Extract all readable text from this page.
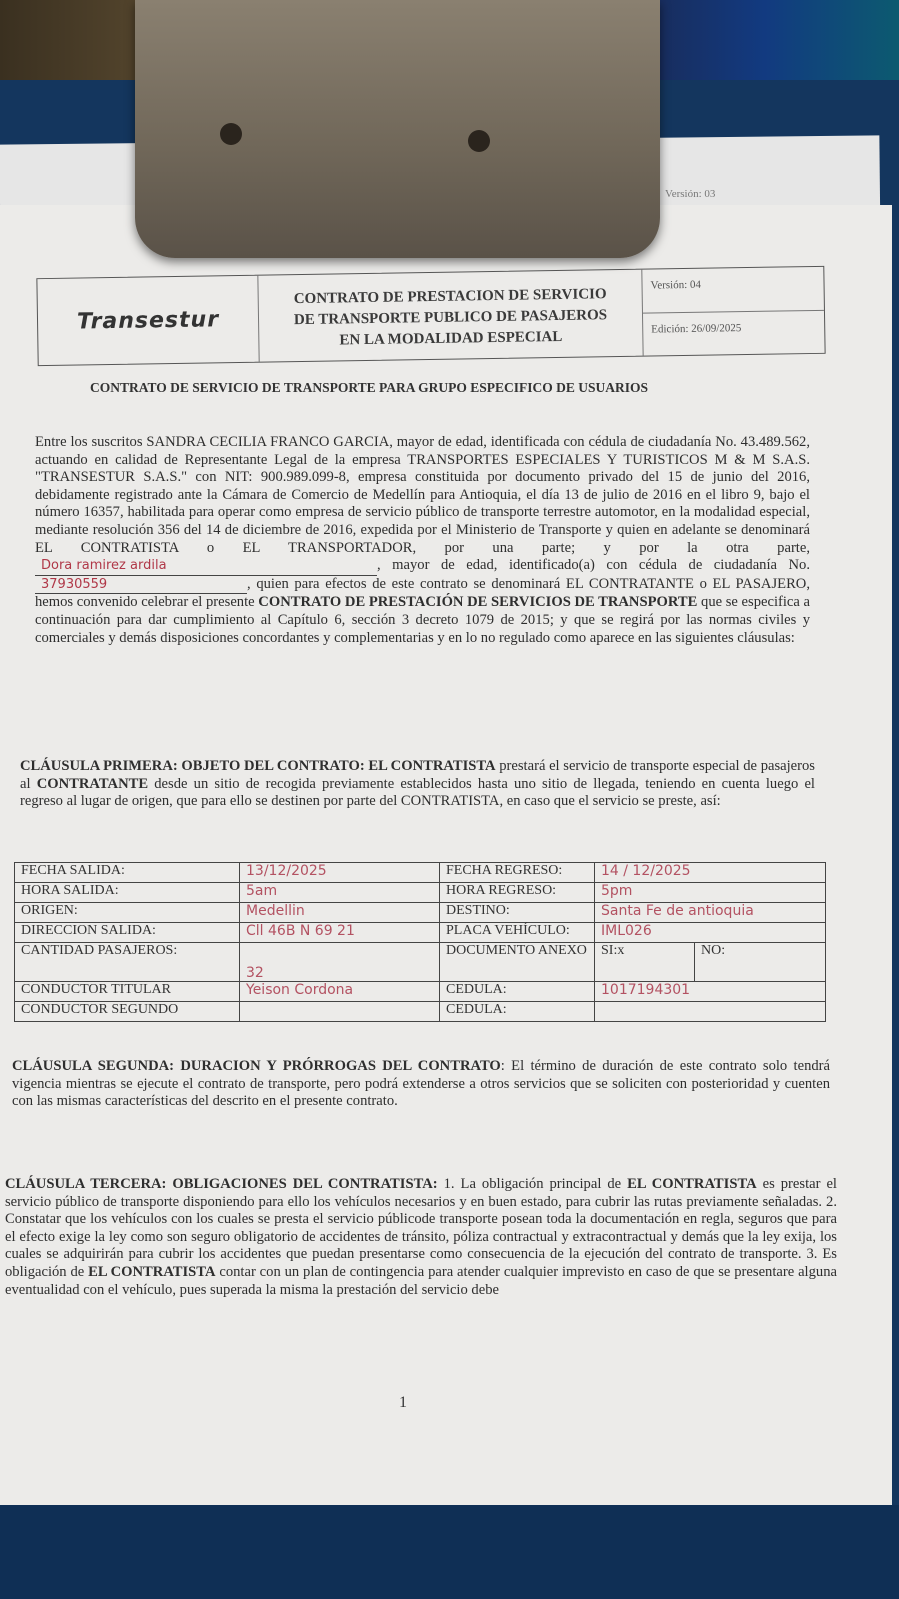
Versión: 03
Transestur
CONTRATO DE PRESTACION DE SERVICIO
DE TRANSPORTE PUBLICO DE PASAJEROS
EN LA MODALIDAD ESPECIAL
Versión: 04
Edición: 26/09/2025
CONTRATO DE SERVICIO DE TRANSPORTE PARA GRUPO ESPECIFICO DE USUARIOS
Entre los suscritos SANDRA CECILIA FRANCO GARCIA, mayor de edad, identificada con cédula de ciudadanía No. 43.489.562, actuando en calidad de Representante Legal de la empresa TRANSPORTES ESPECIALES Y TURISTICOS M & M S.A.S. "TRANSESTUR S.A.S." con NIT: 900.989.099-8, empresa constituida por documento privado del 15 de junio del 2016, debidamente registrado ante la Cámara de Comercio de Medellín para Antioquia, el día 13 de julio de 2016 en el libro 9, bajo el número 16357, habilitada para operar como empresa de servicio público de transporte terrestre automotor, en la modalidad especial, mediante resolución 356 del 14 de diciembre de 2016, expedida por el Ministerio de Transporte y quien en adelante se denominará EL CONTRATISTA o EL TRANSPORTADOR, por una parte; y por la otra parte, Dora ramirez ardila	, mayor de edad, identificado(a) con cédula de ciudadanía No. 37930559	, quien para efectos de este contrato se denominará EL CONTRATANTE o EL PASAJERO, hemos convenido celebrar el presente CONTRATO DE PRESTACIÓN DE SERVICIOS DE TRANSPORTE que se especifica a continuación para dar cumplimiento al Capítulo 6, sección 3 decreto 1079 de 2015; y que se regirá por las normas civiles y comerciales y demás disposiciones concordantes y complementarias y en lo no regulado como aparece en las siguientes cláusulas:
CLÁUSULA PRIMERA: OBJETO DEL CONTRATO: EL CONTRATISTA prestará el servicio de transporte especial de pasajeros al CONTRATANTE desde un sitio de recogida previamente establecidos hasta uno sitio de llegada, teniendo en cuenta luego el regreso al lugar de origen, que para ello se destinen por parte del CONTRATISTA, en caso que el servicio se preste, así:
FECHA SALIDA:	13/12/2025	FECHA REGRESO:	14 / 12/2025	
HORA SALIDA:	5am	HORA REGRESO:	5pm	
ORIGEN:	Medellin	DESTINO:	Santa Fe de antioquia	
DIRECCION SALIDA:	Cll 46B N 69 21	PLACA VEHÍCULO:	IML026	
CANTIDAD PASAJEROS:	32	DOCUMENTO ANEXO	SI:x	NO:
CONDUCTOR TITULAR	Yeison Cordona	CEDULA:	1017194301	
CONDUCTOR SEGUNDO		CEDULA:		
CLÁUSULA SEGUNDA: DURACION Y PRÓRROGAS DEL CONTRATO: El término de duración de este contrato solo tendrá vigencia mientras se ejecute el contrato de transporte, pero podrá extenderse a otros servicios que se soliciten con posterioridad y cuenten con las mismas características del descrito en el presente contrato.
CLÁUSULA TERCERA: OBLIGACIONES DEL CONTRATISTA: 1. La obligación principal de EL CONTRATISTA es prestar el servicio público de transporte disponiendo para ello los vehículos necesarios y en buen estado, para cubrir las rutas previamente señaladas. 2. Constatar que los vehículos con los cuales se presta el servicio públicode transporte posean toda la documentación en regla, seguros que para el efecto exige la ley como son seguro obligatorio de accidentes de tránsito, póliza contractual y extracontractual y demás que la ley exija, los cuales se adquirirán para cubrir los accidentes que puedan presentarse como consecuencia de la ejecución del contrato de transporte. 3. Es obligación de EL CONTRATISTA contar con un plan de contingencia para atender cualquier imprevisto en caso de que se presentare alguna eventualidad con el vehículo, pues superada la misma la prestación del servicio debe
1
